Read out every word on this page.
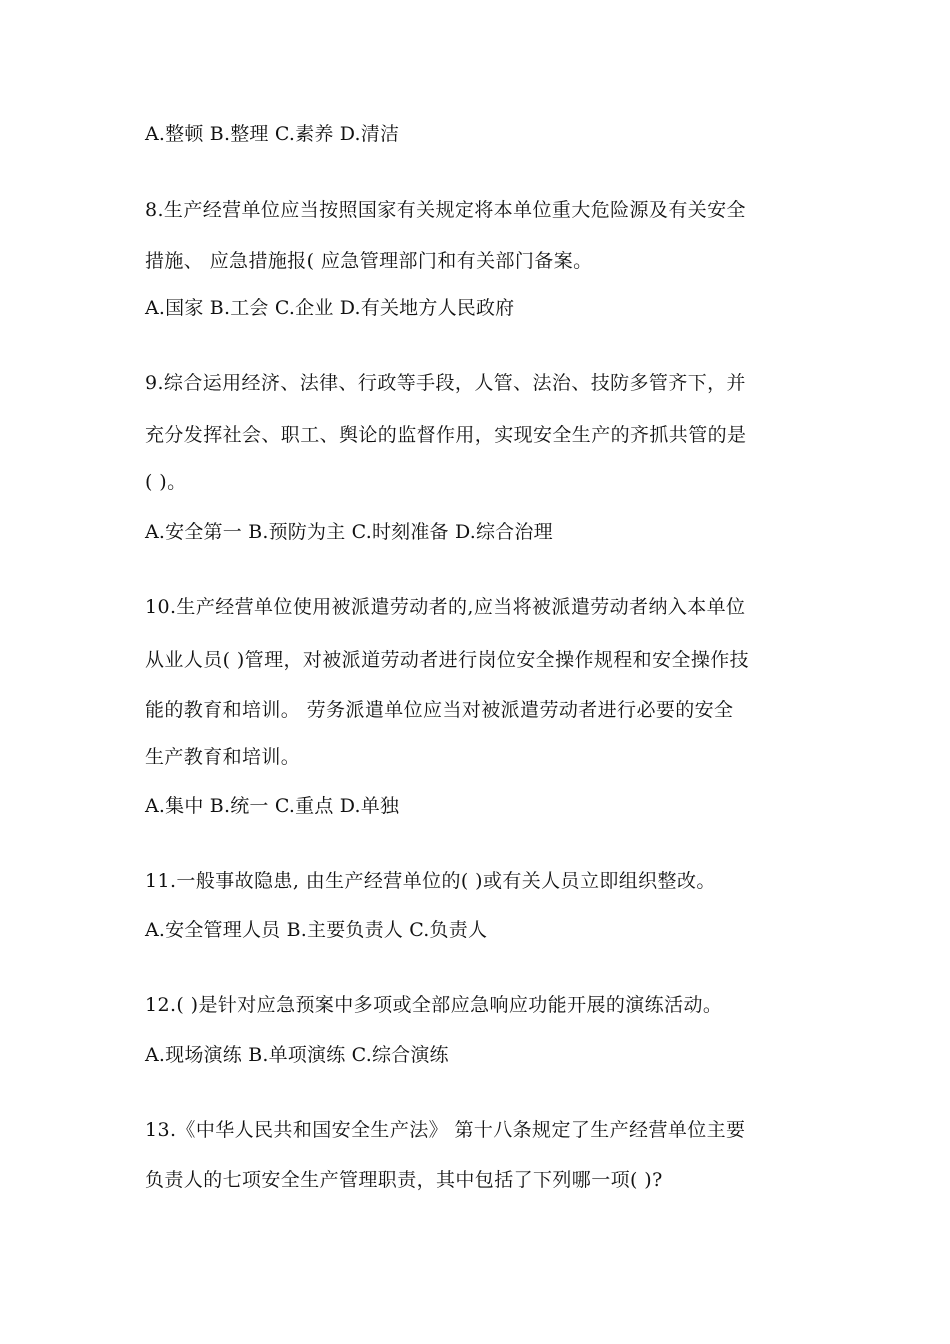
A.整顿 B.整理 C.素养 D.清洁
8.生产经营单位应当按照国家有关规定将本单位重大危险源及有关安全
措施、 应急措施报( 应急管理部门和有关部门备案。
A.国家 B.工会 C.企业 D.有关地方人民政府
9.综合运用经济、法律、行政等手段，人管、法治、技防多管齐下，并
充分发挥社会、职工、舆论的监督作用，实现安全生产的齐抓共管的是
( )。
A.安全第一 B.预防为主 C.时刻准备 D.综合治理
10.生产经营单位使用被派遣劳动者的,应当将被派遣劳动者纳入本单位
从业人员( )管理，对被派道劳动者进行岗位安全操作规程和安全操作技
能的教育和培训。 劳务派遣单位应当对被派遣劳动者进行必要的安全
生产教育和培训。
A.集中 B.统一 C.重点 D.单独
11.一般事故隐患, 由生产经营单位的( )或有关人员立即组织整改。
A.安全管理人员 B.主要负责人 C.负责人
12.( )是针对应急预案中多项或全部应急响应功能开展的演练活动。
A.现场演练 B.单项演练 C.综合演练
13.《中华人民共和国安全生产法》 第十八条规定了生产经营单位主要
负责人的七项安全生产管理职责，其中包括了下列哪一项( )?
